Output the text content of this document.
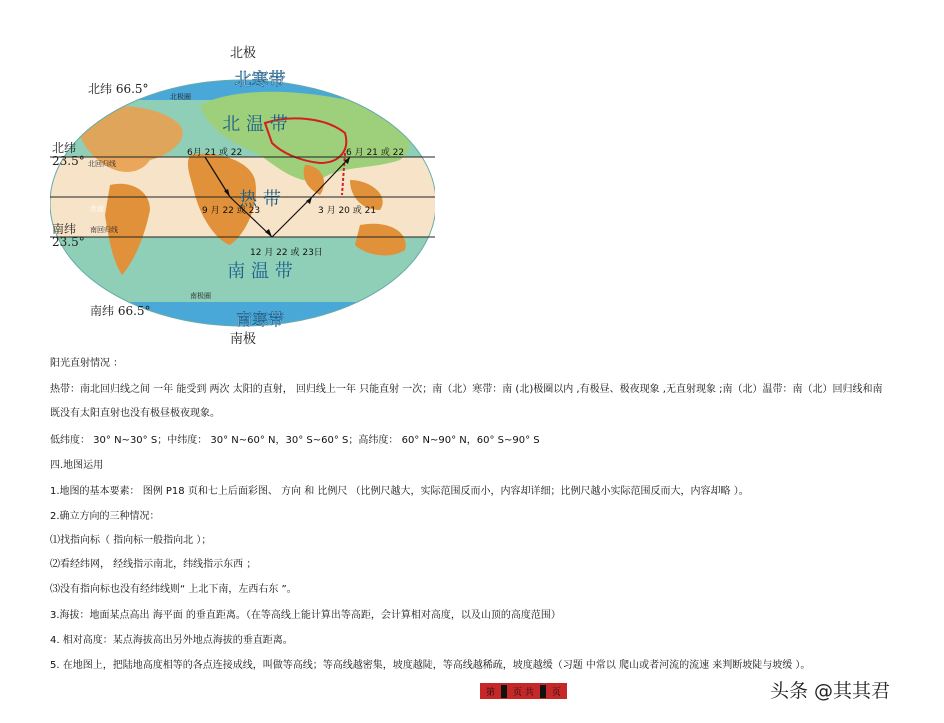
北极
南极
北纬 66.5°
北纬
23.5°
南纬
23.5°
南纬 66.5°
北寒带
北 温 带
热 带
南 温 带
南寒带
北极圈
北回归线
赤道
南回归线
南极圈
6月 21 或 22	6 月 21 或 22
9 月 22 或 23	3 月 20 或 21
12 月 22 或 23日
阳光直射情况 ：
热带：南北回归线之间 一年 能受到 两次 太阳的直射， 回归线上一年 只能直射 一次；南（北）寒带：南 (北)极圈以内 ,有极昼、极夜现象 ,无直射现象 ;南（北）温带：南（北）回归线和南
既没有太阳直射也没有极昼极夜现象。
低纬度： 30° N~30° S；中纬度： 30° N~60° N，30° S~60° S；高纬度： 60° N~90° N，60° S~90° S
四.地图运用
1.地图的基本要素： 图例 P18 页和七上后面彩图、 方向 和 比例尺 （比例尺越大，实际范围反而小，内容却详细；比例尺越小实际范围反而大，内容却略 ）。
2.确立方向的三种情况：
⑴找指向标（ 指向标一般指向北 ）；
⑵看经纬网， 经线指示南北，纬线指示东西 ；
⑶没有指向标也没有经纬线则“ 上北下南，左西右东 ”。
3.海拔：地面某点高出 海平面 的垂直距离。（在等高线上能计算出等高距，会计算相对高度，以及山顶的高度范围）
4. 相对高度：某点海拔高出另外地点海拔的垂直距离。
5. 在地图上，把陆地高度相等的各点连接成线，叫做等高线；等高线越密集，坡度越陡，等高线越稀疏，坡度越缓（习题 中常以 爬山或者河流的流速 来判断坡陡与坡缓 ）。
第	页 共	页	头条 @其其君
